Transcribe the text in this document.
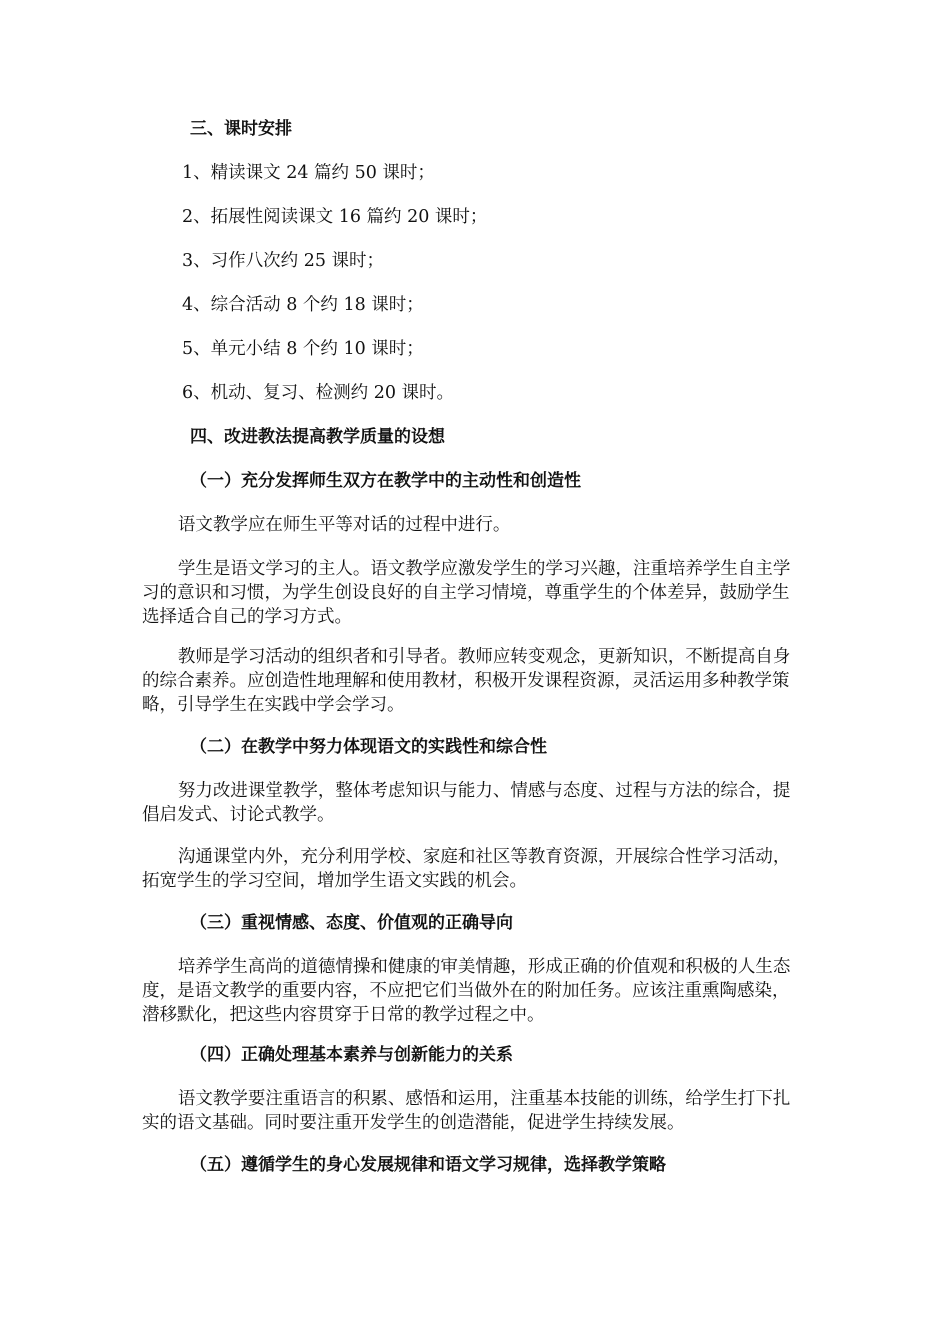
三、课时安排

1、精读课文 24 篇约 50 课时；

2、拓展性阅读课文 16 篇约 20 课时；

3、习作八次约 25 课时；

4、综合活动 8 个约 18 课时；

5、单元小结 8 个约 10 课时；

6、机动、复习、检测约 20 课时。

四、改进教法提高教学质量的设想

（一）充分发挥师生双方在教学中的主动性和创造性

语文教学应在师生平等对话的过程中进行。

学生是语文学习的主人。语文教学应激发学生的学习兴趣，注重培养学生自主学习的意识和习惯，为学生创设良好的自主学习情境，尊重学生的个体差异，鼓励学生选择适合自己的学习方式。

教师是学习活动的组织者和引导者。教师应转变观念，更新知识，不断提高自身的综合素养。应创造性地理解和使用教材，积极开发课程资源，灵活运用多种教学策略，引导学生在实践中学会学习。

（二）在教学中努力体现语文的实践性和综合性

努力改进课堂教学，整体考虑知识与能力、情感与态度、过程与方法的综合，提倡启发式、讨论式教学。

沟通课堂内外，充分利用学校、家庭和社区等教育资源，开展综合性学习活动，拓宽学生的学习空间，增加学生语文实践的机会。

（三）重视情感、态度、价值观的正确导向

培养学生高尚的道德情操和健康的审美情趣，形成正确的价值观和积极的人生态度，是语文教学的重要内容，不应把它们当做外在的附加任务。应该注重熏陶感染，潜移默化，把这些内容贯穿于日常的教学过程之中。

（四）正确处理基本素养与创新能力的关系

语文教学要注重语言的积累、感悟和运用，注重基本技能的训练，给学生打下扎实的语文基础。同时要注重开发学生的创造潜能，促进学生持续发展。

（五）遵循学生的身心发展规律和语文学习规律，选择教学策略
